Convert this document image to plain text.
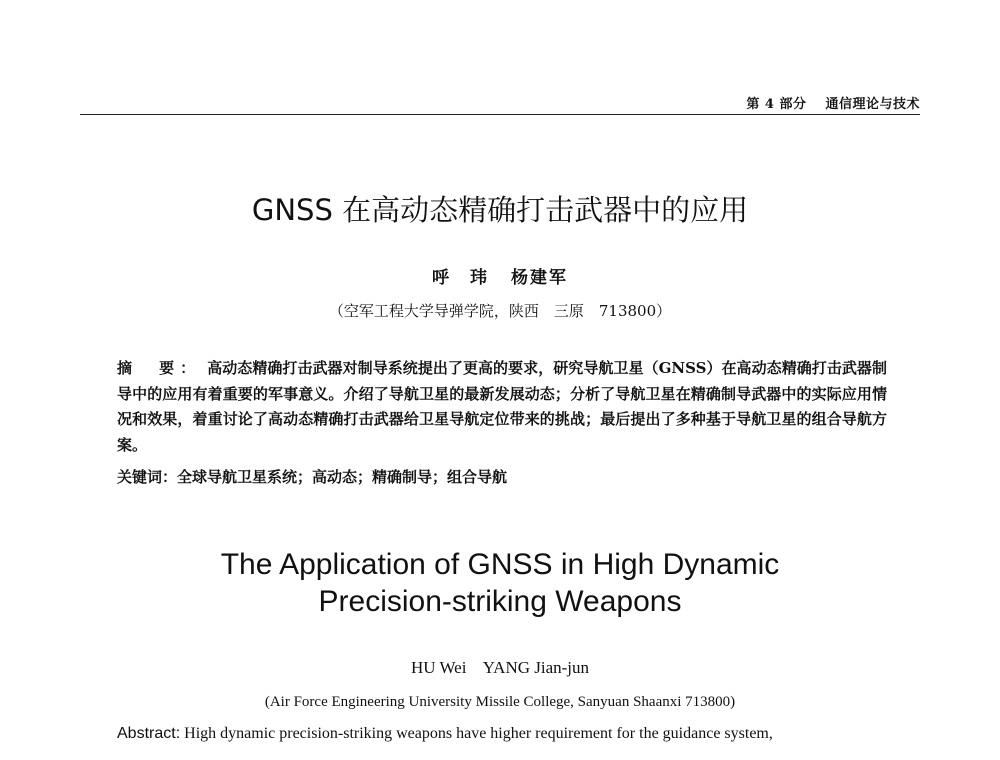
第 4 部分 通信理论与技术
GNSS 在高动态精确打击武器中的应用
呼　玮 杨建军
（空军工程大学导弹学院，陕西　三原　713800）
摘　要： 高动态精确打击武器对制导系统提出了更高的要求，研究导航卫星（GNSS）在高动态精确打击武器制导中的应用有着重要的军事意义。介绍了导航卫星的最新发展动态；分析了导航卫星在精确制导武器中的实际应用情况和效果，着重讨论了高动态精确打击武器给卫星导航定位带来的挑战；最后提出了多种基于导航卫星的组合导航方案。
关键词：全球导航卫星系统；高动态；精确制导；组合导航
The Application of GNSS in High Dynamic
Precision-striking Weapons
HU Wei    YANG Jian-jun
(Air Force Engineering University Missile College, Sanyuan Shaanxi 713800)
Abstract: High dynamic precision-striking weapons have higher requirement for the guidance system,
